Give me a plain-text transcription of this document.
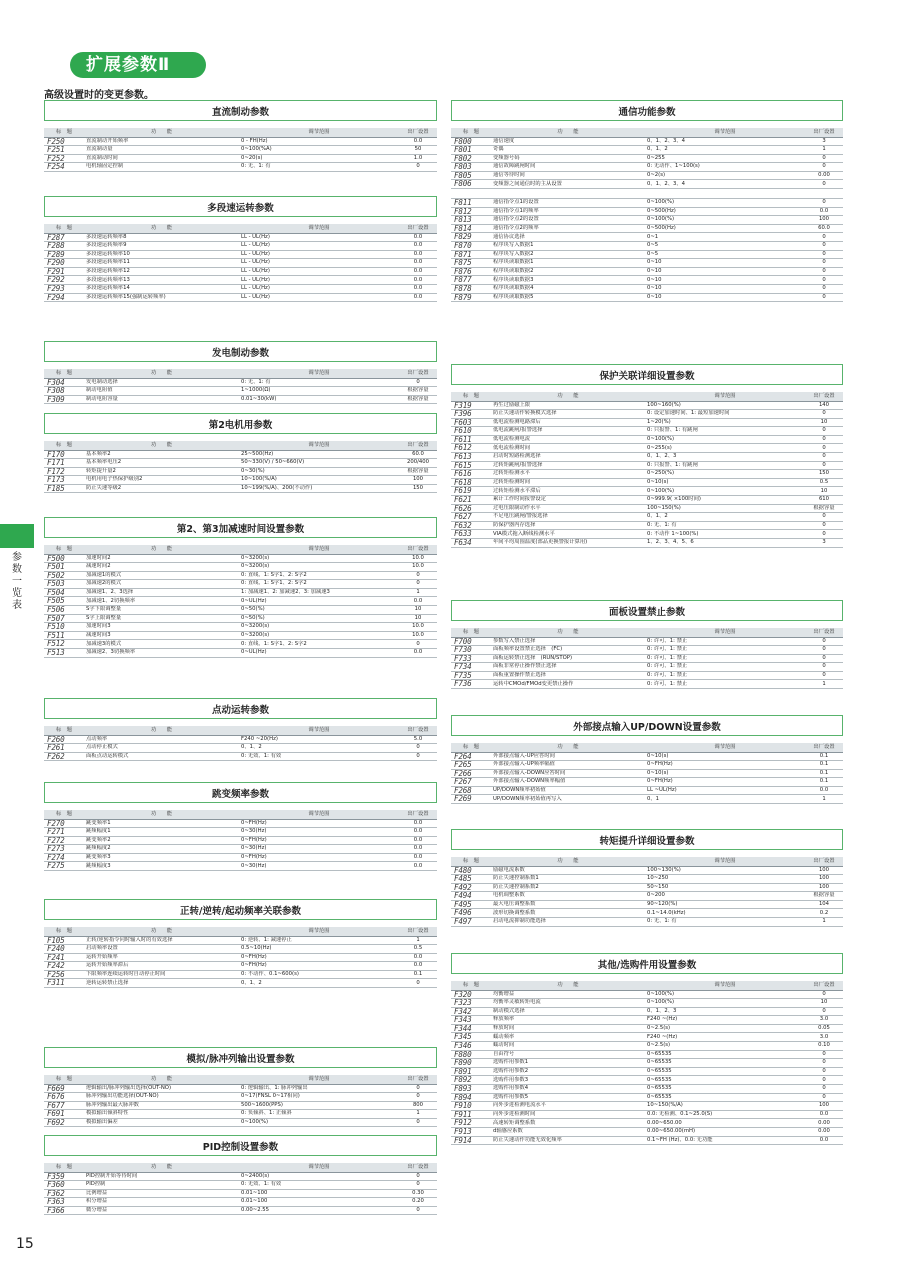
扩展参数Ⅱ
高级设置时的变更参数。
直流制动参数
标　题	功　　能	调节范围	出厂设置
F250	直流制动开始频率	0 - FH(Hz)	0.0
F251	直流制动量	0~100(%A)	50
F252	直流制动时间	0~20(s)	1.0
F254	电机轴固定控制	0: 无、1: 有	0
多段速运转参数
标　题	功　　能	调节范围	出厂设置
F287	多段速运转频率8	LL - UL(Hz)	0.0
F288	多段速运转频率9	LL - UL(Hz)	0.0
F289	多段速运转频率10	LL - UL(Hz)	0.0
F290	多段速运转频率11	LL - UL(Hz)	0.0
F291	多段速运转频率12	LL - UL(Hz)	0.0
F292	多段速运转频率13	LL - UL(Hz)	0.0
F293	多段速运转频率14	LL - UL(Hz)	0.0
F294	多段速运转频率15(强制运转频率)	LL - UL(Hz)	0.0
发电制动参数
标　题	功　　能	调节范围	出厂设置
F304	发电制动选择	0: 无、1: 有	0
F308	制动电阻值	1~1000(Ω)	根据容量
F309	制动电阻容量	0.01~30(kW)	根据容量
第2电机用参数
标　题	功　　能	调节范围	出厂设置
F170	基本频率2	25~500(Hz)	60.0
F171	基本频率电压2	50~330(V) / 50~660(V)	200/400
F172	转矩提升量2	0~30(%)	根据容量
F173	电机用电子热保护级别2	10~100(%/A)	100
F185	防止失速等级2	10~199(%/A)、200(不动作)	150
第2、第3加减速时间设置参数
标　题	功　　能	调节范围	出厂设置
F500	加速时间2	0~3200(s)	10.0
F501	减速时间2	0~3200(s)	10.0
F502	加减速1的模式	0: 直线、1: S字1、2: S字2	0
F503	加减速2的模式	0: 直线、1: S字1、2: S字2	0
F504	加减速1、2、3选择	1: 加减速1、2: 加减速2、3: 加减速3	1
F505	加减速1、2切换频率	0~UL(Hz)	0.0
F506	S字下限调整量	0~50(%)	10
F507	S字上限调整量	0~50(%)	10
F510	加速时间3	0~3200(s)	10.0
F511	减速时间3	0~3200(s)	10.0
F512	加减速3的模式	0: 直线、1: S字1、2: S字2	0
F513	加减速2、3切换频率	0~UL(Hz)	0.0
点动运转参数
标　题	功　　能	调节范围	出厂设置
F260	点动频率	F240 ~20(Hz)	5.0
F261	点动停止模式	0、1、2	0
F262	面板点动运转模式	0: 无效、1: 有效	0
跳变频率参数
标　题	功　　能	调节范围	出厂设置
F270	跳变频率1	0~FH(Hz)	0.0
F271	跳频幅度1	0~30(Hz)	0.0
F272	跳变频率2	0~FH(Hz)	0.0
F273	跳频幅度2	0~30(Hz)	0.0
F274	跳变频率3	0~FH(Hz)	0.0
F275	跳频幅度3	0~30(Hz)	0.0
正转/逆转/起动频率关联参数
标　题	功　　能	调节范围	出厂设置
F105	正转/逆转指令同时输入时的有效选择	0: 逆转、1: 减速停止	1
F240	启动频率设置	0.5~10(Hz)	0.5
F241	运转开始频率	0~FH(Hz)	0.0
F242	运转开始频率滞后	0~FH(Hz)	0.0
F256	下限频率连续运转时自动停止时间	0: 不动作、0.1~600(s)	0.1
F311	逆转运转禁止选择	0、1、2	0
模拟/脉冲列输出设置参数
标　题	功　　能	调节范围	出厂设置
F669	逻辑输出/脉冲列输出选择(OUT-NO)	0: 逻辑输出、1: 脉冲列输出	0
F676	脉冲列输出功能选择(OUT-NO)	0~17(FNSL 0~17相同)	0
F677	脉冲列输出最大脉冲数	500~1600(PPS)	800
F691	模拟输出倾斜特性	0: 负倾斜、1: 正倾斜	1
F692	模拟输出偏差	0~100(%)	0
PID控制设置参数
标　题	功　　能	调节范围	出厂设置
F359	PID控制开始等待时间	0~2400(s)	0
F360	PID控制	0: 无效、1: 有效	0
F362	比例增益	0.01~100	0.30
F363	积分增益	0.01~100	0.20
F366	微分增益	0.00~2.55	0
通信功能参数
标　题	功　　能	调节范围	出厂设置
F800	通信速度	0、1、2、3、4	3
F801	奇偶	0、1、2	1
F802	变频器号码	0~255	0
F803	通信故障跳闸时间	0: 无动作、1~100(s)	0
F805	通信等待时间	0~2(s)	0.00
F806	变频器之间通信时的主从设置	0、1、2、3、4	0

F811	通信指令点1的设置	0~100(%)	0
F812	通信指令点1的频率	0~500(Hz)	0.0
F813	通信指令点2的设置	0~100(%)	100
F814	通信指令点2的频率	0~500(Hz)	60.0
F829	通信协议选择	0~1	0
F870	程序块写入数据1	0~5	0
F871	程序块写入数据2	0~5	0
F875	程序块读取数据1	0~10	0
F876	程序块读取数据2	0~10	0
F877	程序块读取数据3	0~10	0
F878	程序块读取数据4	0~10	0
F879	程序块读取数据5	0~10	0
保护关联详细设置参数
标　题	功　　能	调节范围	出厂设置
F319	再生过励磁上限	100~160(%)	140
F396	防止失速动作转换模式选择	0: 设定加速时间、1: 最短加速时间	0
F603	低电流检测电路滞后	1~20(%)	10
F610	低电流跳闸/报警选择	0: 只报警、1: 有跳闸	0
F611	低电流检测电流	0~100(%)	0
F612	低电流检测时间	0~255(s)	0
F613	启动时短路检测选择	0、1、2、3	0
F615	过转矩跳闸/报警选择	0: 只报警、1: 有跳闸	0
F616	过转矩检测水平	0~250(%)	150
F618	过转矩检测时间	0~10(s)	0.5
F619	过转矩检测水平滞后	0~100(%)	10
F621	累计工作时间报警设定	0~999.9( ×100时间)	610
F626	过电压限制动作水平	100~150(%)	根据容量
F627	不足电压跳闸/警报选择	0、1、2	0
F632	防保护器内存选择	0: 无、1: 有	0
F633	VIA模式拖入断线检测水平	0: 不动作 1~100(%)	0
F634	年间平均周围温度(部品更换警报计算用)	1、2、3、4、5、6	3
面板设置禁止参数
标　题	功　　能	调节范围	出厂设置
F700	参数写入禁止选择	0: 许可、1: 禁止	0
F730	面板频率设置禁止选择　(FC)	0: 许可、1: 禁止	0
F733	面板运转禁止选择　(RUN/STOP)	0: 许可、1: 禁止	0
F734	面板非常停止操作禁止选择	0: 许可、1: 禁止	0
F735	面板重置操作禁止选择	0: 许可、1: 禁止	0
F736	运转中CMOd/FMOd变更禁止操作	0: 许可、1: 禁止	1
外部接点输入UP/DOWN设置参数
标　题	功　　能	调节范围	出厂设置
F264	外部接点输入-UP应答时间	0~10(s)	0.1
F265	外部接点输入-UP频率幅值	0~FH(Hz)	0.1
F266	外部接点输入-DOWN应答时间	0~10(s)	0.1
F267	外部接点输入-DOWN频率幅值	0~FH(Hz)	0.1
F268	UP/DOWN频率初始值	LL ~UL(Hz)	0.0
F269	UP/DOWN频率初始值再写入	0、1	1
转矩提升详细设置参数
标　题	功　　能	调节范围	出厂设置
F480	励磁电流系数	100~130(%)	100
F485	防止失速控制系数1	10~250	100
F492	防止失速控制系数2	50~150	100
F494	电机调整系数	0~200	根据容量
F495	最大电压调整系数	90~120(%)	104
F496	波形切换调整系数	0.1~14.0(kHz)	0.2
F497	启动电流抑制功能选择	0: 无、1: 有	1
其他/选购件用设置参数
标　题	功　　能	调节范围	出厂设置
F320	均衡增益	0~100(%)	0
F323	均衡率灵敏转矩电流	0~100(%)	10
F342	制动模式选择	0、1、2、3	0
F343	释放频率	F240 ~(Hz)	3.0
F344	释放时间	0~2.5(s)	0.05
F345	蠕动频率	F240 ~(Hz)	3.0
F346	蠕动时间	0~2.5(s)	0.10
F880	自由符号	0~65535	0
F890	选购件用参数1	0~65535	0
F891	选购件用参数2	0~65535	0
F892	选购件用参数3	0~65535	0
F893	选购件用参数4	0~65535	0
F894	选购件用参数5	0~65535	0
F910	向外步进检测电流水平	10~150(%/A)	100
F911	向外步进检测时间	0.0: 无检测、0.1~25.0(S)	0.0
F912	高速转矩调整系数	0.00~650.00	0.00
F913	d轴感应系数	0.00~650.00(mH)	0.00
F914	防止失速动作功能无效化频率	0.1~FH (Hz)、0.0: 无功能	0.0
参数一览表
15
